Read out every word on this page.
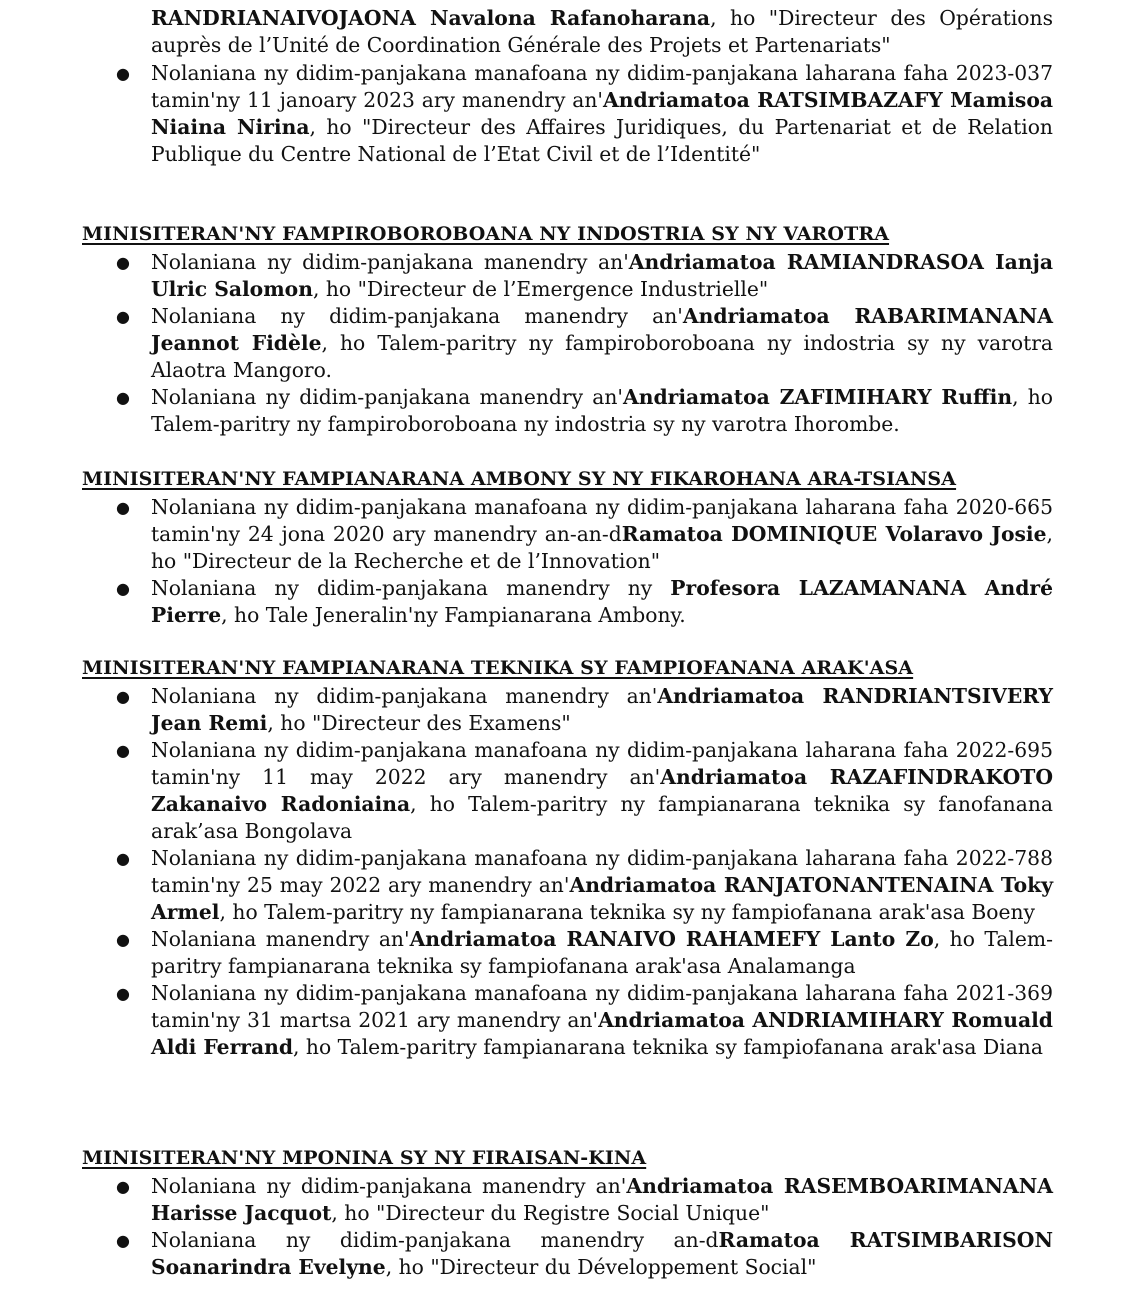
RANDRIANAIVOJAONA Navalona Rafanoharana, ho "Directeur des Opérations auprès de l’Unité de Coordination Générale des Projets et Partenariats"
● Nolaniana ny didim-panjakana manafoana ny didim-panjakana laharana faha 2023-037 tamin'ny 11 janoary 2023 ary manendry an'Andriamatoa RATSIMBAZAFY Mamisoa Niaina Nirina, ho "Directeur des Affaires Juridiques, du Partenariat et de Relation Publique du Centre National de l’Etat Civil et de l’Identité"
MINISITERAN'NY FAMPIROBOROBOANA NY INDOSTRIA SY NY VAROTRA
● Nolaniana ny didim-panjakana manendry an'Andriamatoa RAMIANDRASOA Ianja Ulric Salomon, ho "Directeur de l’Emergence Industrielle"
● Nolaniana ny didim-panjakana manendry an'Andriamatoa RABARIMANANA Jeannot Fidèle, ho Talem-paritry ny fampiroboroboana ny indostria sy ny varotra Alaotra Mangoro.
● Nolaniana ny didim-panjakana manendry an'Andriamatoa ZAFIMIHARY Ruffin, ho Talem-paritry ny fampiroboroboana ny indostria sy ny varotra Ihorombe.
MINISITERAN'NY FAMPIANARANA AMBONY SY NY FIKAROHANA ARA-TSIANSA
● Nolaniana ny didim-panjakana manafoana ny didim-panjakana laharana faha 2020-665 tamin'ny 24 jona 2020 ary manendry an-an-dRamatoa DOMINIQUE Volaravo Josie, ho "Directeur de la Recherche et de l’Innovation"
● Nolaniana ny didim-panjakana manendry ny Profesora LAZAMANANA André Pierre, ho Tale Jeneralin'ny Fampianarana Ambony.
MINISITERAN'NY FAMPIANARANA TEKNIKA SY FAMPIOFANANA ARAK'ASA
● Nolaniana ny didim-panjakana manendry an'Andriamatoa RANDRIANTSIVERY Jean Remi, ho "Directeur des Examens"
● Nolaniana ny didim-panjakana manafoana ny didim-panjakana laharana faha 2022-695 tamin'ny 11 may 2022 ary manendry an'Andriamatoa RAZAFINDRAKOTO Zakanaivo Radoniaina, ho Talem-paritry ny fampianarana teknika sy fanofanana arak’asa Bongolava
● Nolaniana ny didim-panjakana manafoana ny didim-panjakana laharana faha 2022-788 tamin'ny 25 may 2022 ary manendry an'Andriamatoa RANJATONANTENAINA Toky Armel, ho Talem-paritry ny fampianarana teknika sy ny fampiofanana arak'asa Boeny
● Nolaniana manendry an'Andriamatoa RANAIVO RAHAMEFY Lanto Zo, ho Talem-paritry fampianarana teknika sy fampiofanana arak'asa Analamanga
● Nolaniana ny didim-panjakana manafoana ny didim-panjakana laharana faha 2021-369 tamin'ny 31 martsa 2021 ary manendry an'Andriamatoa ANDRIAMIHARY Romuald Aldi Ferrand, ho Talem-paritry fampianarana teknika sy fampiofanana arak'asa Diana
MINISITERAN'NY MPONINA SY NY FIRAISAN-KINA
● Nolaniana ny didim-panjakana manendry an'Andriamatoa RASEMBOARIMANANA Harisse Jacquot, ho "Directeur du Registre Social Unique"
● Nolaniana ny didim-panjakana manendry an-dRamatoa RATSIMBARISON Soanarindra Evelyne, ho "Directeur du Développement Social"
